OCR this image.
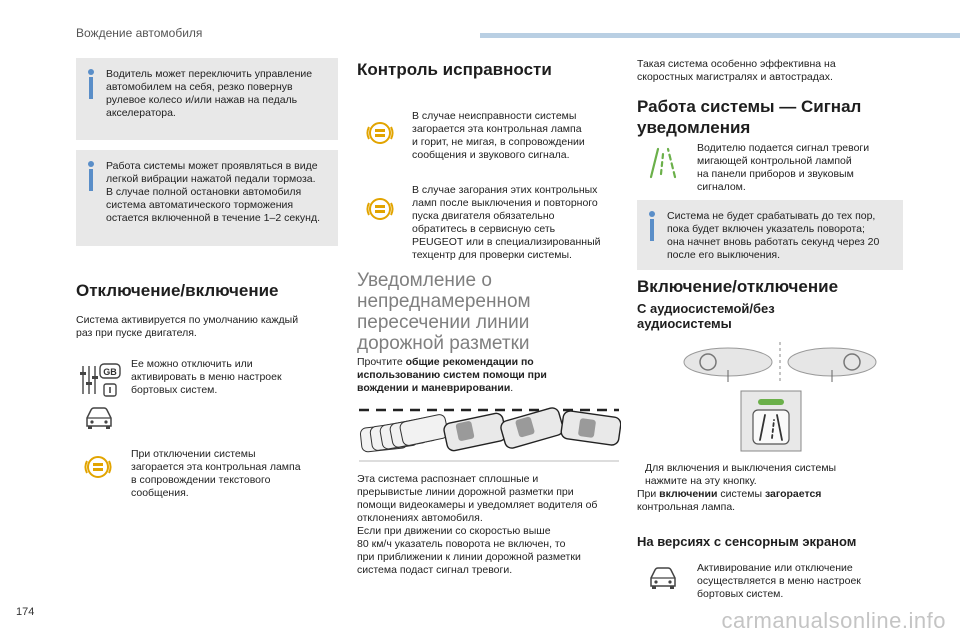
Вождение автомобиля
Водитель может переключить управление
автомобилем на себя, резко повернув
рулевое колесо и/или нажав на педаль
акселератора.
Работа системы может проявляться в виде
легкой вибрации нажатой педали тормоза.
В случае полной остановки автомобиля
система автоматического торможения
остается включенной в течение 1–2 секунд.
Отключение/включение
Система активируется по умолчанию каждый
раз при пуске двигателя.
GB
Ее можно отключить или
активировать в меню настроек
бортовых систем.
При отключении системы
загорается эта контрольная лампа
в сопровождении текстового
сообщения.
Контроль исправности
В случае неисправности системы
загорается эта контрольная лампа
и горит, не мигая, в сопровождении
сообщения и звукового сигнала.
В случае загорания этих контрольных
ламп после выключения и повторного
пуска двигателя обязательно
обратитесь в сервисную сеть
PEUGEOT или в специализированный
техцентр для проверки системы.
Уведомление о
непреднамеренном
пересечении линии
дорожной разметки
Прочтите общие рекомендации по
использованию систем помощи при
вождении и маневрировании.
Эта система распознает сплошные и
прерывистые линии дорожной разметки при
помощи видеокамеры и уведомляет водителя об
отклонениях автомобиля.
Если при движении со скоростью выше
80 км/ч указатель поворота не включен, то
при приближении к линии дорожной разметки
система подаст сигнал тревоги.
Такая система особенно эффективна на
скоростных магистралях и автострадах.
Работа системы — Сигнал
уведомления
Водителю подается сигнал тревоги
мигающей контрольной лампой
на панели приборов и звуковым
сигналом.
Система не будет срабатывать до тех пор,
пока будет включен указатель поворота;
она начнет вновь работать секунд через 20
после его выключения.
Включение/отключение
С аудиосистемой/без
аудиосистемы
Для включения и выключения системы
нажмите на эту кнопку.
При включении системы загорается
контрольная лампа.
На версиях с сенсорным экраном
Активирование или отключение
осуществляется в меню настроек
бортовых систем.
174	carmanualsonline.info
